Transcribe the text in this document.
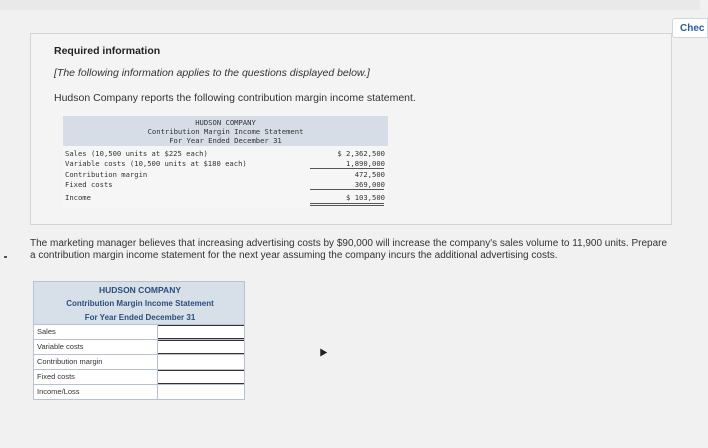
Chec
Required information
[The following information applies to the questions displayed below.]
Hudson Company reports the following contribution margin income statement.
HUDSON COMPANY
Contribution Margin Income Statement
For Year Ended December 31
Sales (10,500 units at $225 each)	$ 2,362,500
Variable costs (10,500 units at $180 each)	1,890,000
Contribution margin	472,500
Fixed costs	369,000
Income	$ 103,500
The marketing manager believes that increasing advertising costs by $90,000 will increase the company's sales volume to 11,900 units. Prepare a contribution margin income statement for the next year assuming the company incurs the additional advertising costs.
HUDSON COMPANY
Contribution Margin Income Statement
For Year Ended December 31
Sales
Variable costs
Contribution margin
Fixed costs
Income/Loss
